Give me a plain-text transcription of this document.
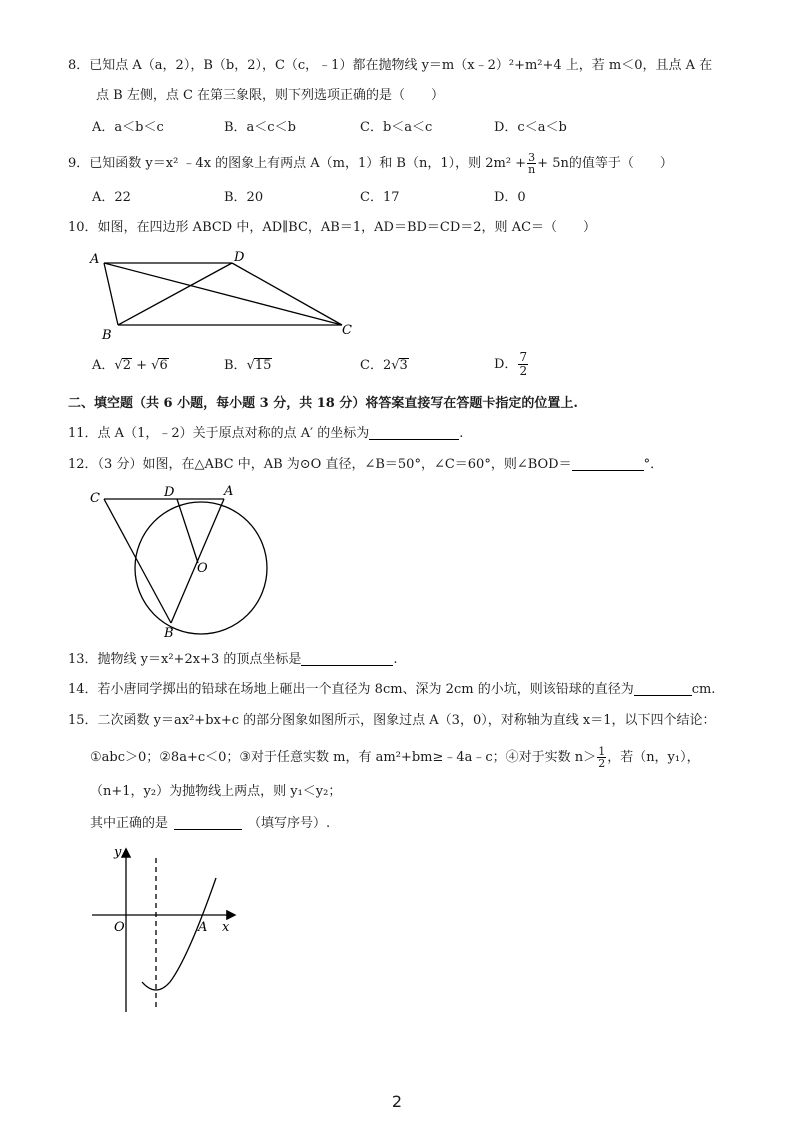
8．已知点 A（a，2），B（b，2），C（c，﹣1）都在抛物线 y＝m（x﹣2）²+m²+4 上，若 m＜0，且点 A 在
点 B 左侧，点 C 在第三象限，则下列选项正确的是（　　）
A．a＜b＜c	B．a＜c＜b	C．b＜a＜c	D．c＜a＜b
9．已知函数 y＝x² ﹣4x 的图象上有两点 A（m，1）和 B（n，1），则 $2m^2 + \frac{3}{n} + 5n$的值等于（　　）
A．22	B．20	C．17	D．0
10．如图，在四边形 ABCD 中，AD∥BC，AB＝1，AD＝BD＝CD＝2，则 AC＝（　　）
A	D
B	C
A．√2 + √6	B．√15	C．2√3	D． $\frac{7}{2}$
二、填空题（共 6 小题，每小题 3 分，共 18 分）将答案直接写在答题卡指定的位置上.
11．点 A（1，﹣2）关于原点对称的点 A′ 的坐标为	.
12．（3 分）如图，在△ABC 中，AB 为⊙O 直径，∠B＝50°，∠C＝60°，则∠BOD＝	°．
C	D	A
O
B
13．抛物线 y＝x²+2x+3 的顶点坐标是	.
14．若小唐同学掷出的铅球在场地上砸出一个直径为 8cm、深为 2cm 的小坑，则该铅球的直径为	cm.
15．二次函数 y＝ax²+bx+c 的部分图象如图所示，图象过点 A（3，0），对称轴为直线 x＝1，以下四个结论：
①abc＞0；②8a+c＜0；③对于任意实数 m，有 am²+bm≥﹣4a﹣c；④对于实数 $n> \frac{1}{2}$ ，若（n，y₁），
（n+1，y₂）为抛物线上两点，则 y₁＜y₂；
其中正确的是	（填写序号）.
y
x
O	A
2
